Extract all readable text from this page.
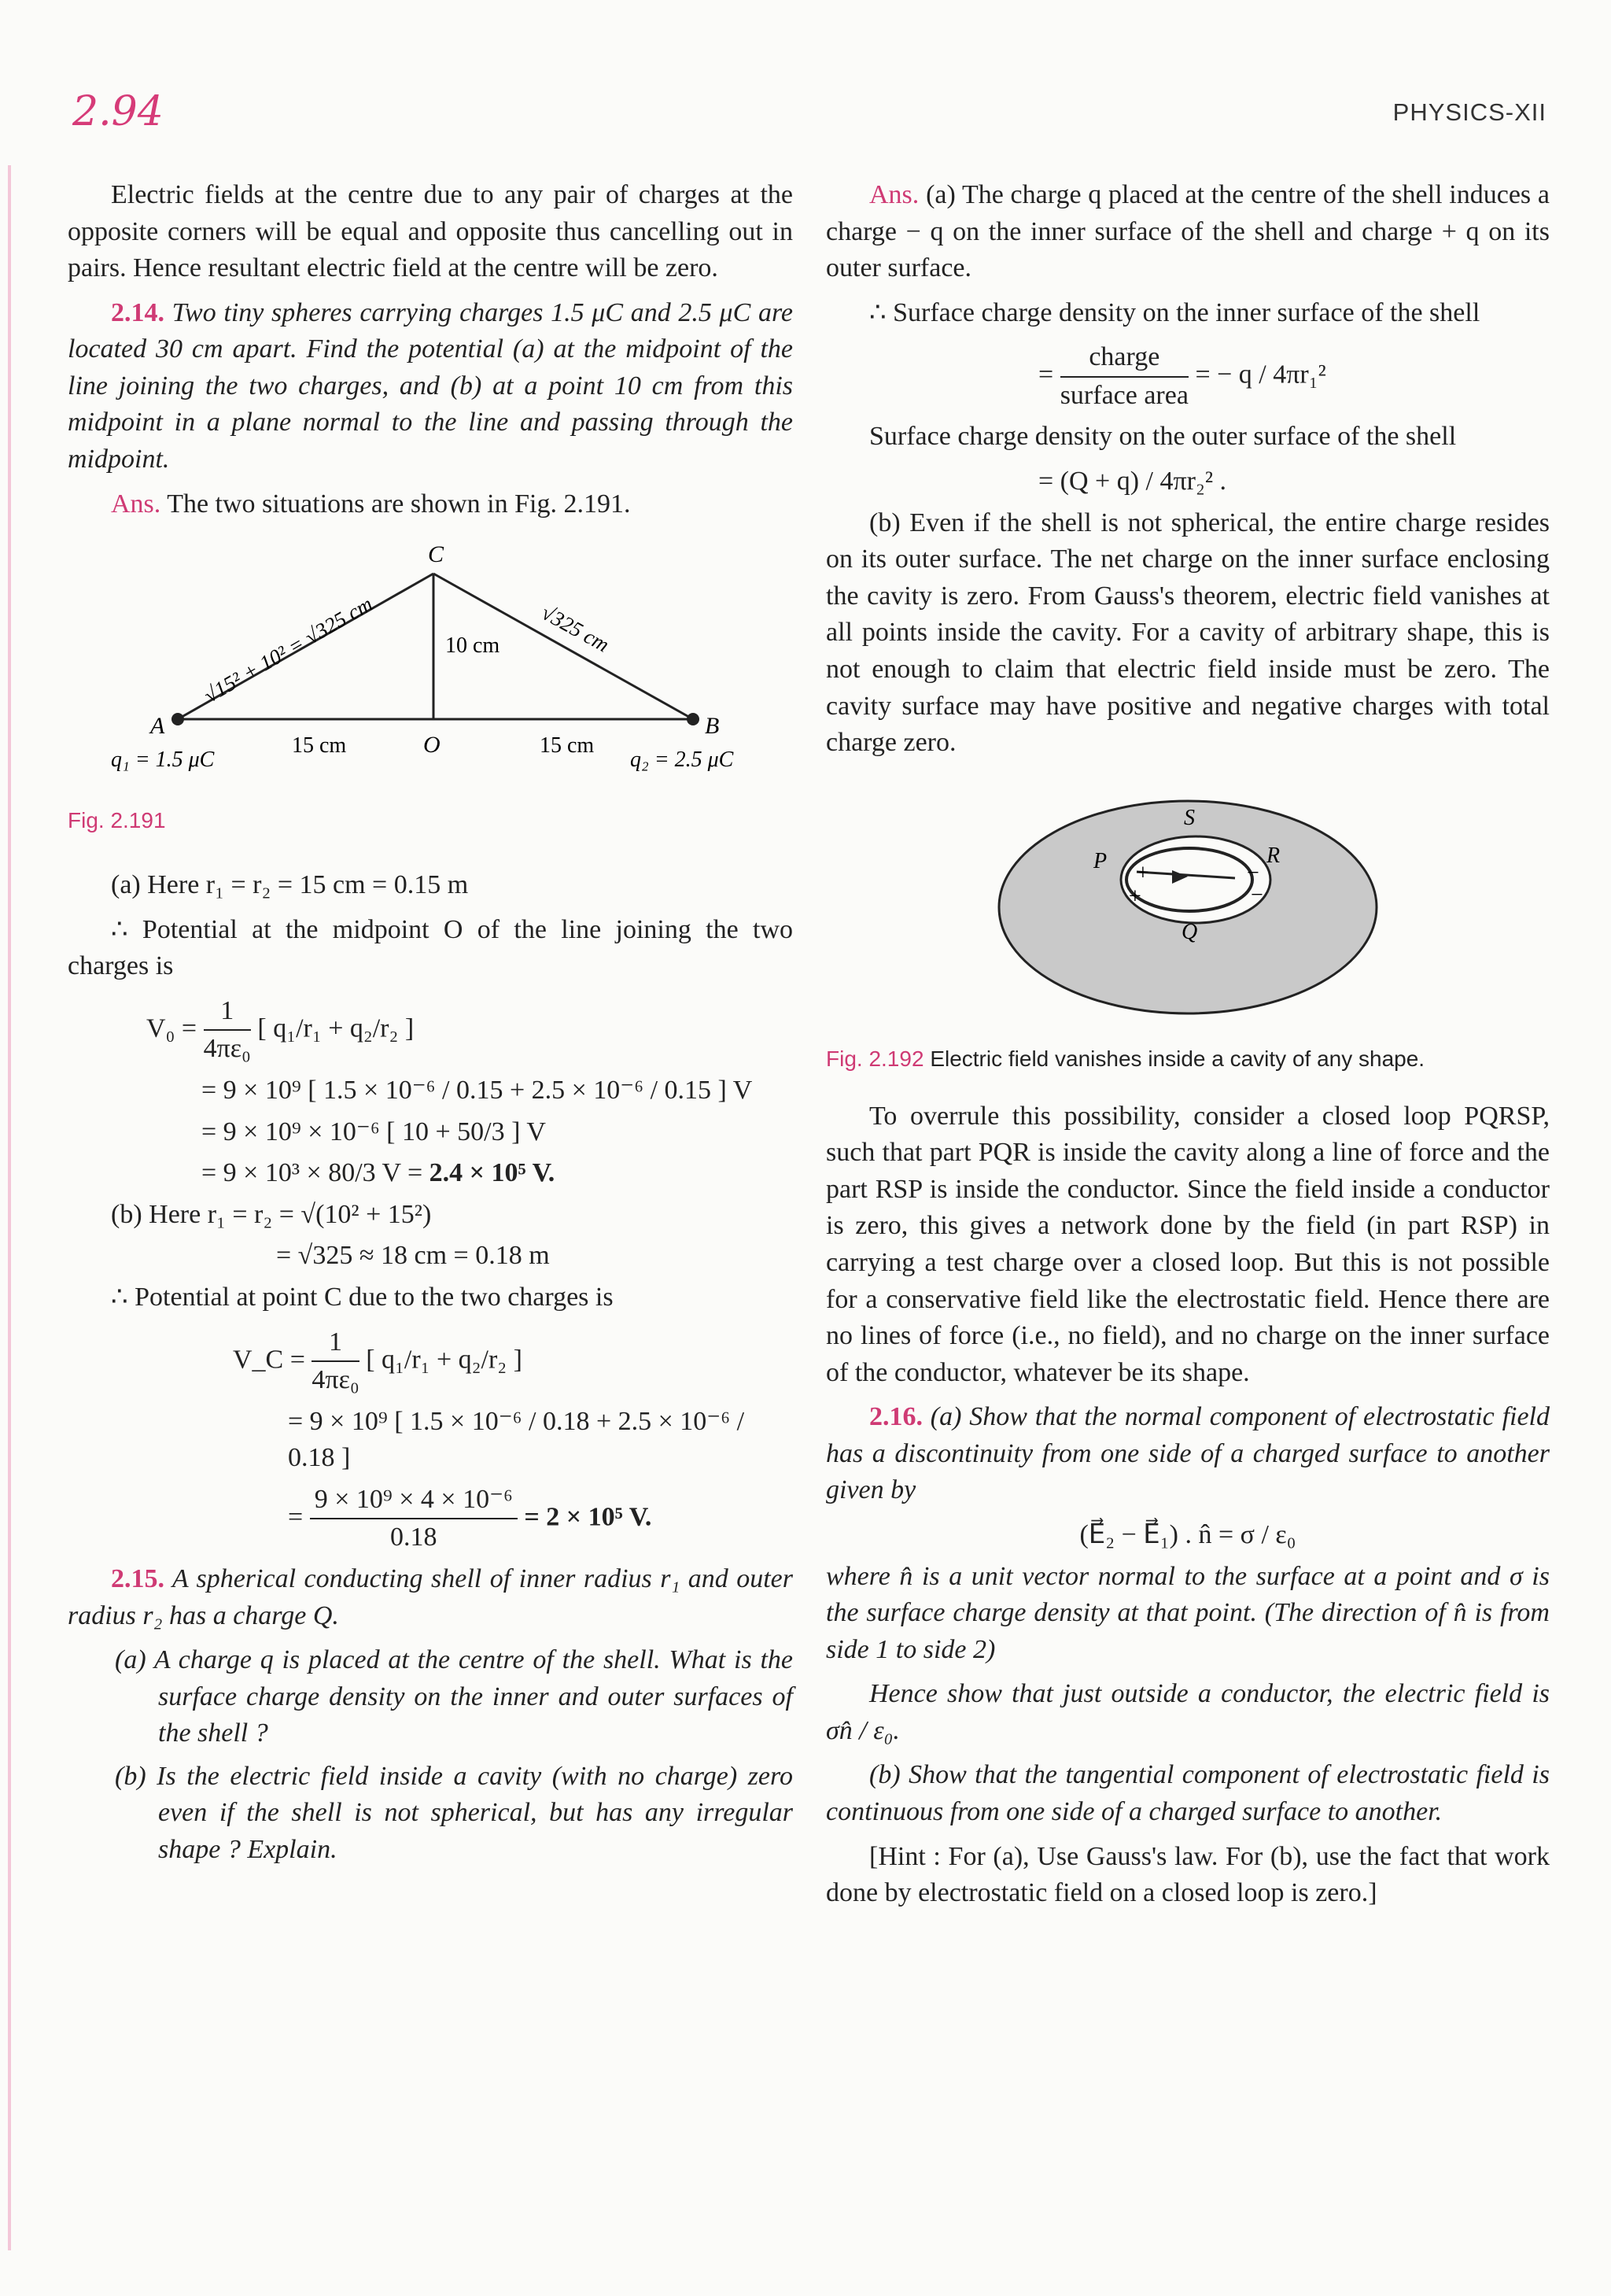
2.94	PHYSICS-XII

Electric fields at the centre due to any pair of charges at the opposite corners will be equal and opposite thus cancelling out in pairs. Hence resultant electric field at the centre will be zero.

2.14. Two tiny spheres carrying charges 1.5 μC and 2.5 μC are located 30 cm apart. Find the potential (a) at the midpoint of the line joining the two charges, and (b) at a point 10 cm from this midpoint in a plane normal to the line and passing through the midpoint.

Ans. The two situations are shown in Fig. 2.191.

C
A	B
O
10 cm
15 cm	15 cm
√15² + 10² = √325 cm	√325 cm
q₁ = 1.5 μC	q₂ = 2.5 μC
Fig. 2.191

(a) Here r₁ = r₂ = 15 cm = 0.15 m

∴ Potential at the midpoint O of the line joining the two charges is

$V_0 = \frac{1}{\text{4πε₀}}$ [ q₁/r₁ + q₂/r₂ ]
= 9 × 10⁹ [ 1.5 × 10⁻⁶ / 0.15 + 2.5 × 10⁻⁶ / 0.15 ] V
= 9 × 10⁹ × 10⁻⁶ [ 10 + 50/3 ] V
= 9 × 10³ × 80/3 V = 2.4 × 10⁵ V.
(b) Here r₁ = r₂ = √(10² + 15²)
= √325 ≈ 18 cm = 0.18 m

∴ Potential at point C due to the two charges is

V_C = $\frac{1}{\text{4πε₀}}$ [ q₁/r₁ + q₂/r₂ ]
= 9 × 10⁹ [ 1.5 × 10⁻⁶ / 0.18 + 2.5 × 10⁻⁶ / 0.18 ]
= $\frac{\text{9 × 10⁹ × 4 × 10⁻⁶}}{0.18} = 2 \times 10^5$ V.

2.15. A spherical conducting shell of inner radius r₁ and outer radius r₂ has a charge Q.

(a) A charge q is placed at the centre of the shell. What is the surface charge density on the inner and outer surfaces of the shell ?

(b) Is the electric field inside a cavity (with no charge) zero even if the shell is not spherical, but has any irregular shape ? Explain.

Ans. (a) The charge q placed at the centre of the shell induces a charge − q on the inner surface of the shell and charge + q on its outer surface.

∴ Surface charge density on the inner surface of the shell

= $\frac{\text{charge}}{\text{surface area}}$ = − q / 4πr₁²

Surface charge density on the outer surface of the shell

= (Q + q) / 4πr₂² .

(b) Even if the shell is not spherical, the entire charge resides on its outer surface. The net charge on the inner surface enclosing the cavity is zero. From Gauss's theorem, electric field vanishes at all points inside the cavity. For a cavity of arbitrary shape, this is not enough to claim that electric field inside must be zero. The cavity surface may have positive and negative charges with total charge zero.

+
+
−
−
S
P	R
Q
Fig. 2.192 Electric field vanishes inside a cavity of any shape.

To overrule this possibility, consider a closed loop PQRSP, such that part PQR is inside the cavity along a line of force and the part RSP is inside the conductor. Since the field inside a conductor is zero, this gives a network done by the field (in part RSP) in carrying a test charge over a closed loop. But this is not possible for a conservative field like the electrostatic field. Hence there are no lines of force (i.e., no field), and no charge on the inner surface of the conductor, whatever be its shape.

2.16. (a) Show that the normal component of electrostatic field has a discontinuity from one side of a charged surface to another given by

(E⃗₂ − E⃗₁) . n̂ = σ / ε₀

where n̂ is a unit vector normal to the surface at a point and σ is the surface charge density at that point. (The direction of n̂ is from side 1 to side 2)

Hence show that just outside a conductor, the electric field is σn̂ / ε₀.

(b) Show that the tangential component of electrostatic field is continuous from one side of a charged surface to another.

[Hint : For (a), Use Gauss's law. For (b), use the fact that work done by electrostatic field on a closed loop is zero.]
